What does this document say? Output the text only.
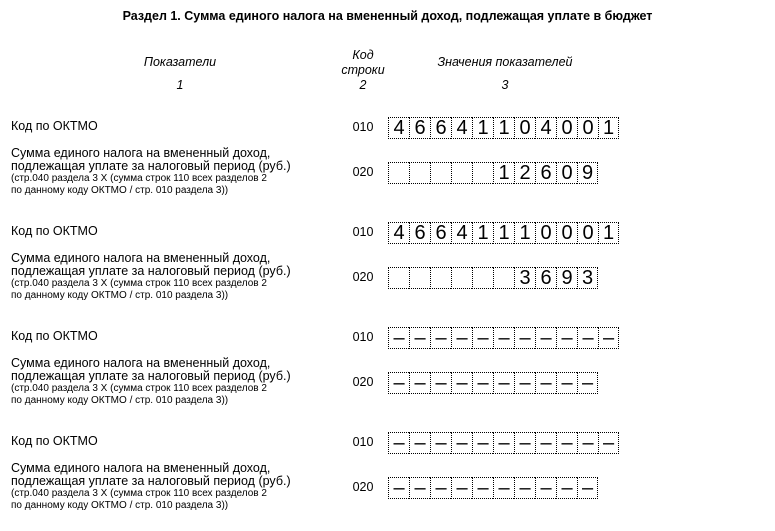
Раздел 1. Сумма единого налога на вмененный доход, подлежащая уплате в бюджет
Показатели
1
Код
строки
2
Значения показателей
3
Код по ОКТМО	010 4 6 6 4 1 1 0 4 0 0 1
Сумма единого налога на вмененный доход,
подлежащая уплате за налоговый период (руб.)
(стр.040 раздела 3 Х (сумма строк 110 всех разделов 2
по данному коду ОКТМО / стр. 010 раздела 3))
020	1 2 6 0 9
Код по ОКТМО	010 4 6 6 4 1 1 1 0 0 0 1
Сумма единого налога на вмененный доход,
подлежащая уплате за налоговый период (руб.)
(стр.040 раздела 3 Х (сумма строк 110 всех разделов 2
по данному коду ОКТМО / стр. 010 раздела 3))
020	3 6 9 3
Код по ОКТМО	010 – – – – – – – – – – –
Сумма единого налога на вмененный доход,
подлежащая уплате за налоговый период (руб.)
(стр.040 раздела 3 Х (сумма строк 110 всех разделов 2
по данному коду ОКТМО / стр. 010 раздела 3))
020 – – – – – – – – – –
Код по ОКТМО	010 – – – – – – – – – – –
Сумма единого налога на вмененный доход,
подлежащая уплате за налоговый период (руб.)
(стр.040 раздела 3 Х (сумма строк 110 всех разделов 2
по данному коду ОКТМО / стр. 010 раздела 3))
020 – – – – – – – – – –
